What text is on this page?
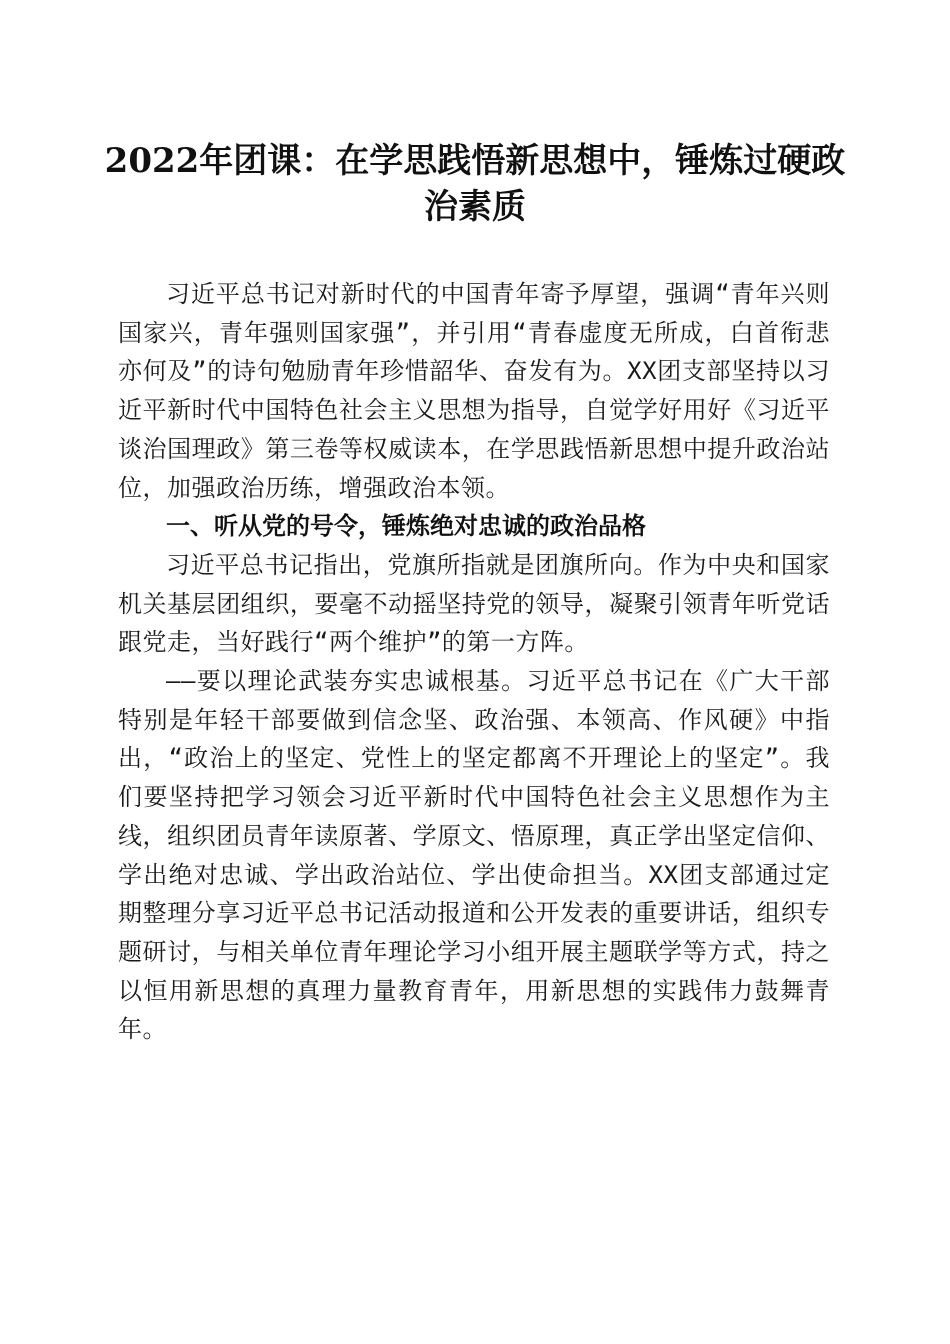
2022年团课：在学思践悟新思想中，锤炼过硬政治素质

习近平总书记对新时代的中国青年寄予厚望，强调“青年兴则国家兴，青年强则国家强”，并引用“青春虚度无所成，白首衔悲亦何及”的诗句勉励青年珍惜韶华、奋发有为。XX团支部坚持以习近平新时代中国特色社会主义思想为指导，自觉学好用好《习近平谈治国理政》第三卷等权威读本，在学思践悟新思想中提升政治站位，加强政治历练，增强政治本领。

一、听从党的号令，锤炼绝对忠诚的政治品格

习近平总书记指出，党旗所指就是团旗所向。作为中央和国家机关基层团组织，要毫不动摇坚持党的领导，凝聚引领青年听党话跟党走，当好践行“两个维护”的第一方阵。

——要以理论武装夯实忠诚根基。习近平总书记在《广大干部特别是年轻干部要做到信念坚、政治强、本领高、作风硬》中指出，“政治上的坚定、党性上的坚定都离不开理论上的坚定”。我们要坚持把学习领会习近平新时代中国特色社会主义思想作为主线，组织团员青年读原著、学原文、悟原理，真正学出坚定信仰、学出绝对忠诚、学出政治站位、学出使命担当。XX团支部通过定期整理分享习近平总书记活动报道和公开发表的重要讲话，组织专题研讨，与相关单位青年理论学习小组开展主题联学等方式，持之以恒用新思想的真理力量教育青年，用新思想的实践伟力鼓舞青年。
